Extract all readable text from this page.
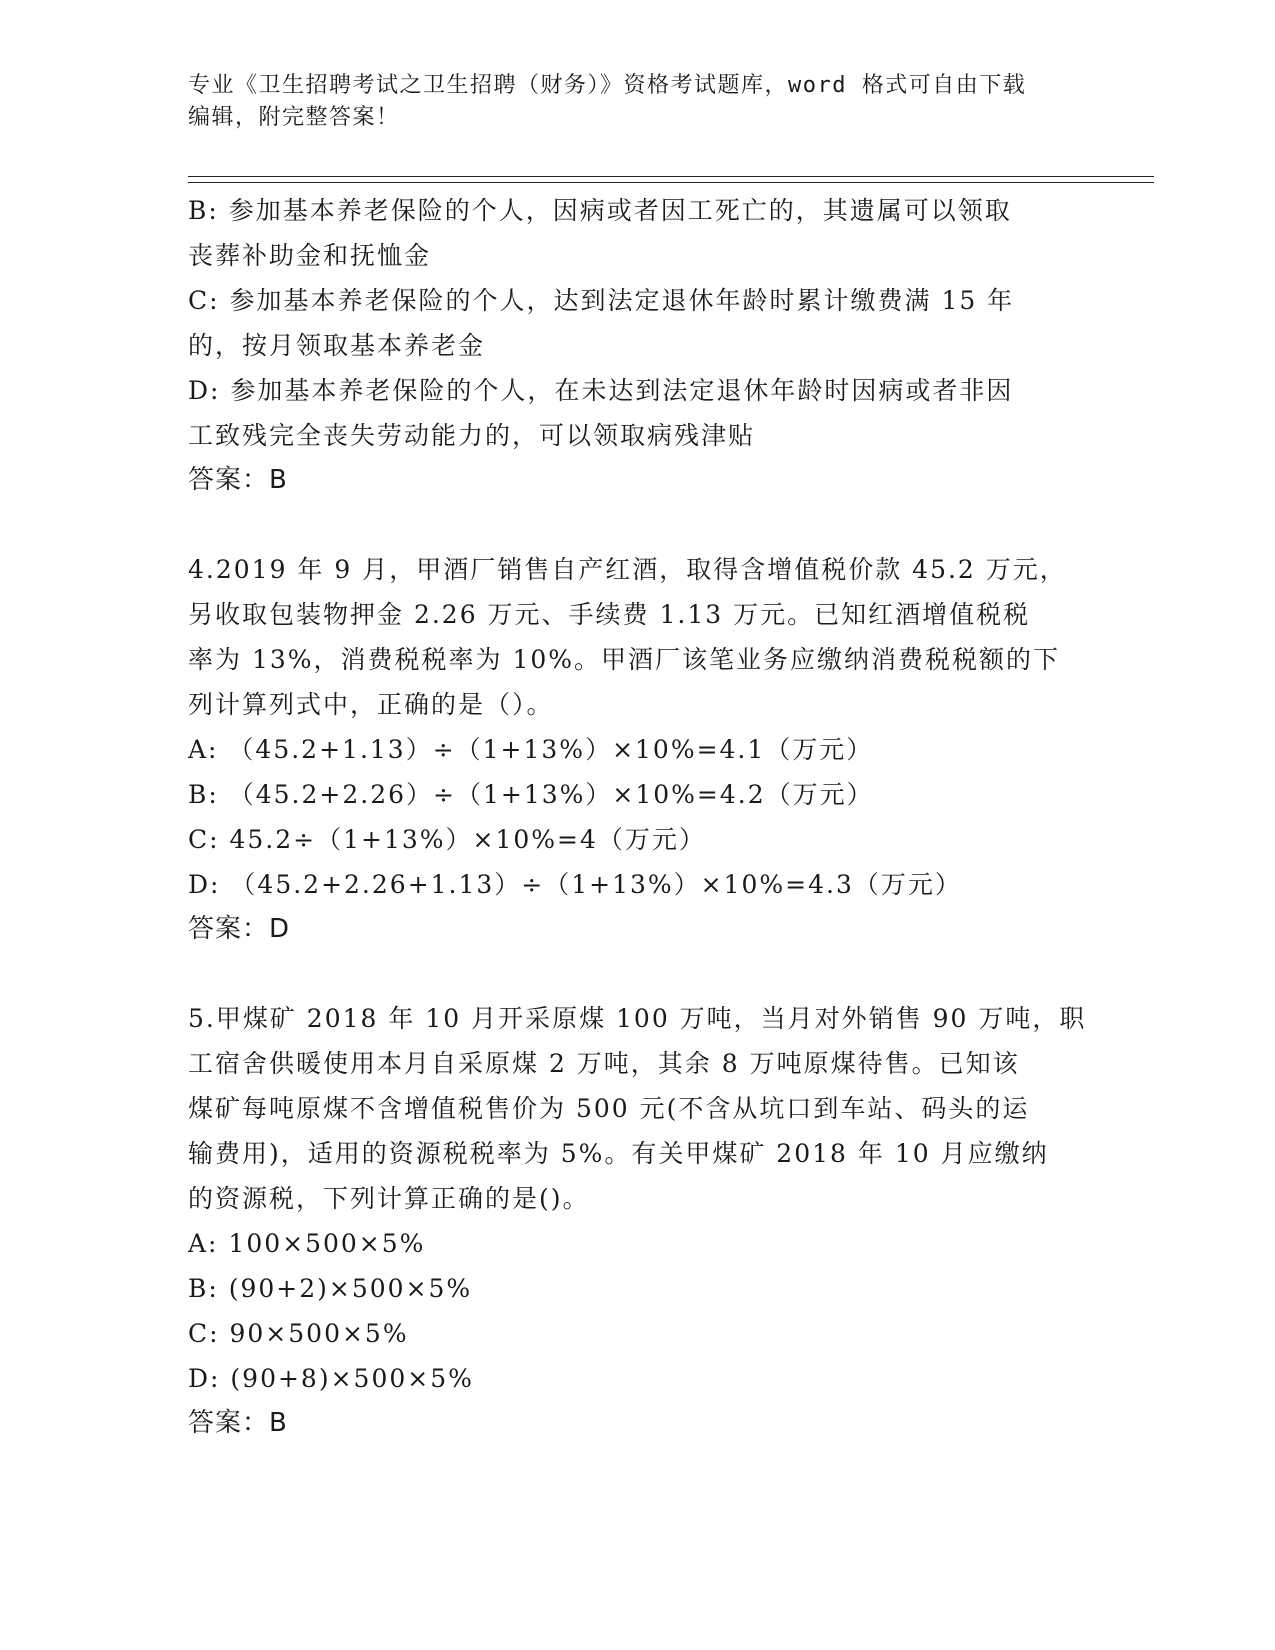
专业《卫生招聘考试之卫生招聘（财务）》资格考试题库，word 格式可自由下载
编辑，附完整答案！
B: 参加基本养老保险的个人，因病或者因工死亡的，其遗属可以领取
丧葬补助金和抚恤金
C: 参加基本养老保险的个人，达到法定退休年龄时累计缴费满 15 年
的，按月领取基本养老金
D: 参加基本养老保险的个人，在未达到法定退休年龄时因病或者非因
工致残完全丧失劳动能力的，可以领取病残津贴
答案：B
4.2019 年 9 月，甲酒厂销售自产红酒，取得含增值税价款 45.2 万元，
另收取包装物押金 2.26 万元、手续费 1.13 万元。已知红酒增值税税
率为 13%，消费税税率为 10%。甲酒厂该笔业务应缴纳消费税税额的下
列计算列式中，正确的是（）。
A: （45.2+1.13）÷（1+13%）×10%=4.1（万元）
B: （45.2+2.26）÷（1+13%）×10%=4.2（万元）
C: 45.2÷（1+13%）×10%=4（万元）
D: （45.2+2.26+1.13）÷（1+13%）×10%=4.3（万元）
答案：D
5.甲煤矿 2018 年 10 月开采原煤 100 万吨，当月对外销售 90 万吨，职
工宿舍供暖使用本月自采原煤 2 万吨，其余 8 万吨原煤待售。已知该
煤矿每吨原煤不含增值税售价为 500 元(不含从坑口到车站、码头的运
输费用)，适用的资源税税率为 5%。有关甲煤矿 2018 年 10 月应缴纳
的资源税，下列计算正确的是()。
A: 100×500×5%
B: (90+2)×500×5%
C: 90×500×5%
D: (90+8)×500×5%
答案：B
